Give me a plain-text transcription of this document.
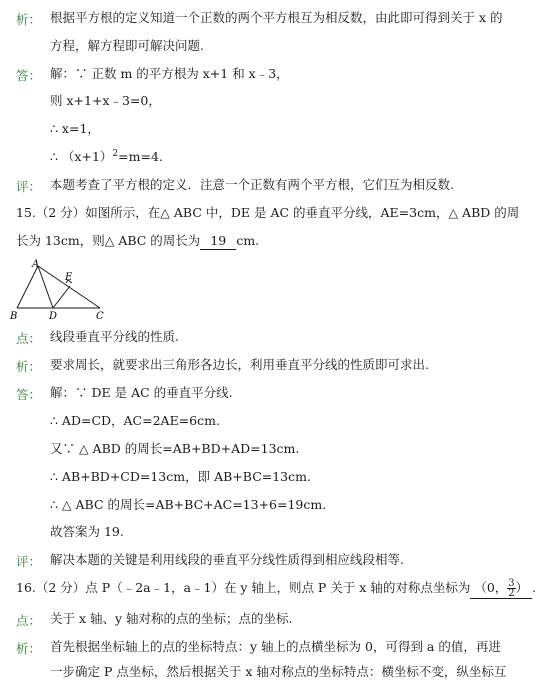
析： 根据平方根的定义知道一个正数的两个平方根互为相反数，由此即可得到关于 x 的
方程，解方程即可解决问题.
答： 解：∵ 正数 m 的平方根为 x+1 和 x﹣3，
则 x+1+x﹣3=0，
∴ x=1，
∴ $(x+1)^2=m=4$.
评： 本题考查了平方根的定义．注意一个正数有两个平方根，它们互为相反数.
15.（2 分）如图所示，在△ ABC 中，DE 是 AC 的垂直平分线，AE=3cm，△ ABD 的周
长为 13cm，则△ ABC 的周长为 19 cm.
A
B	D	C
E
点： 线段垂直平分线的性质.
析： 要求周长，就要求出三角形各边长，利用垂直平分线的性质即可求出.
答： 解：∵ DE 是 AC 的垂直平分线.
∴ AD=CD，AC=2AE=6cm.
又∵ △ ABD 的周长=AB+BD+AD=13cm.
∴ AB+BD+CD=13cm，即 AB+BC=13cm.
∴ △ ABC 的周长=AB+BC+AC=13+6=19cm.
故答案为 19.
评： 解决本题的关键是利用线段的垂直平分线性质得到相应线段相等.
16.（2 分）点 P（﹣2a﹣1，a﹣1）在 y 轴上，则点 P 关于 x 轴的对称点坐标为 （0， $\frac{3}{2}$ ） .
点： 关于 x 轴、y 轴对称的点的坐标；点的坐标.
析： 首先根据坐标轴上的点的坐标特点：y 轴上的点横坐标为 0，可得到 a 的值，再进
一步确定 P 点坐标，然后根据关于 x 轴对称点的坐标特点：横坐标不变，纵坐标互
